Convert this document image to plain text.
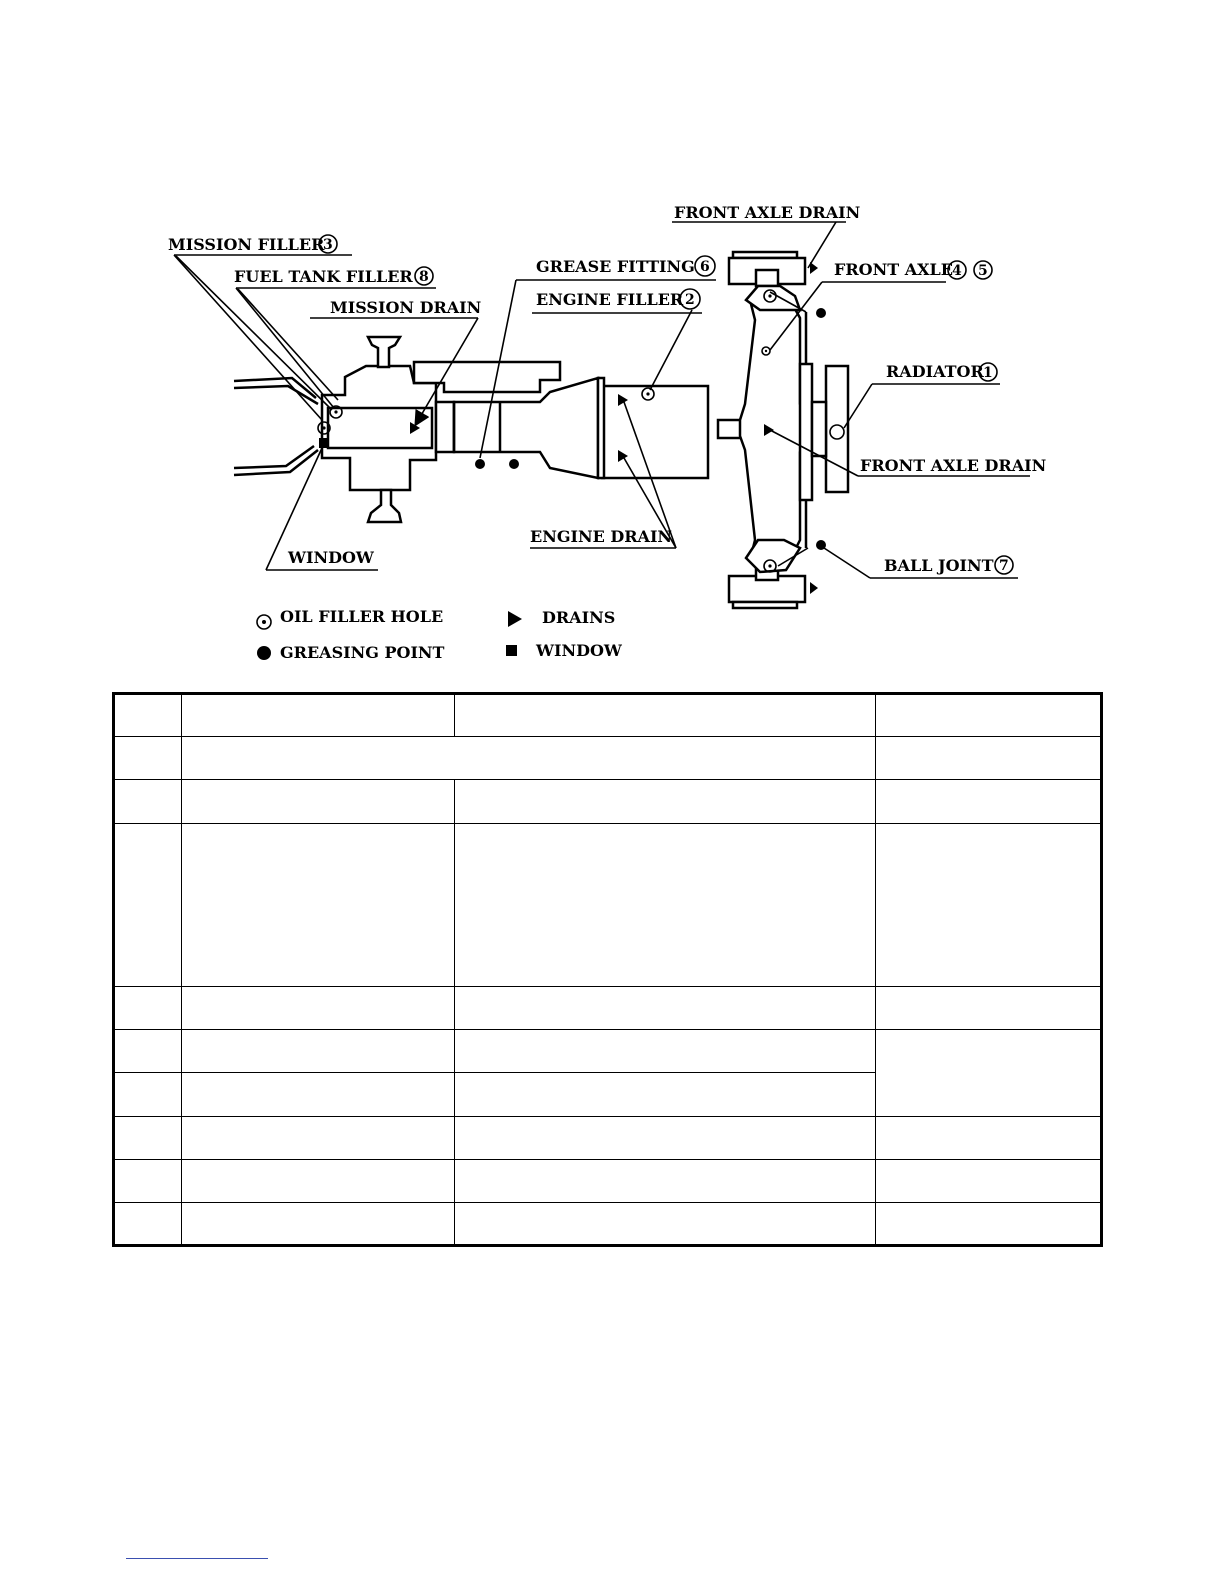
FRONT AXLE DRAIN
MISSION FILLER
3
FUEL TANK FILLER 8
MISSION DRAIN
GREASE FITTING 6
ENGINE FILLER 2
FRONT AXLE 4 5
RADIATOR 1
FRONT AXLE DRAIN
WINDOW
ENGINE DRAIN
BALL JOINT 7
OIL FILLER HOLE
GREASING POINT
DRAINS
WINDOW
